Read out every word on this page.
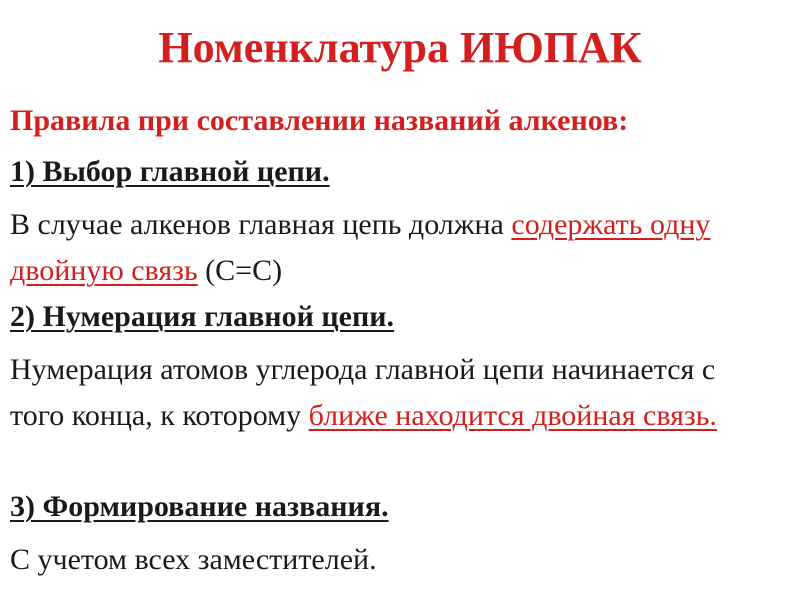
Номенклатура ИЮПАК
Правила при составлении названий алкенов:
1) Выбор главной цепи.
В случае алкенов главная цепь должна содержать одну двойную связь (С=С)
2) Нумерация главной цепи.
Нумерация атомов углерода главной цепи начинается с того конца, к которому ближе находится двойная связь.
3) Формирование названия.
С учетом всех заместителей.
